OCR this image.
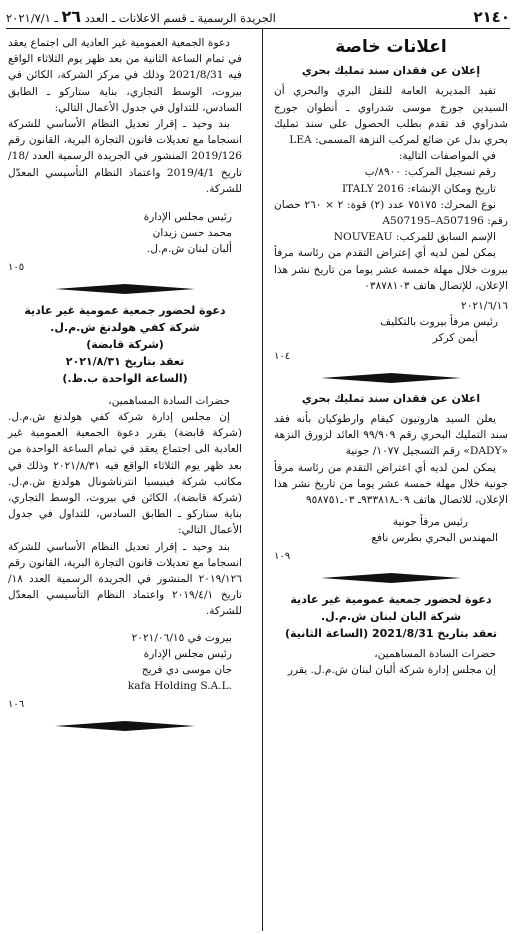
٢١٤٠
الجريدة الرسمية ـ قسم الاعلانات ـ العدد ٢٦ ـ ٢٠٢١/٧/١
اعلانات خاصة
إعلان عن فقدان سند تمليك بحري

تفيد المديرية العامة للنقل البري والبحري أن السيدين جورج موسى شدراوي ـ أنطوان جورج شدراوي قد تقدم بطلب الحصول على سند تمليك بحري بدل عن ضائع لمركب النزهة المسمى: LEA

في المواصفات التالية:

رقم تسجيل المركب: ٨٩٠٠/ب

تاريخ ومكان الإنشاء: ITALY 2016

نوع المحرك: ٧٥١٧٥ عدد (٢) قوة: ٢ × ٢٦٠ حصان رقم: A507195–A507196

الإسم السابق للمركب: NOUVEAU

يمكن لمن لديه أي إعتراض التقدم من رئاسة مرفأ بيروت خلال مهلة خمسة عشر يوما من تاريخ نشر هذا الإعلان، للإتصال هاتف ٠٣٨٧٨١٠٣

٢٠٢١/٦/١٦

رئيس مرفأ بيروت بالتكليف

أيمن كركر

١٠٤
اعلان عن فقدان سند تمليك بحري

يعلن السيد هاروتيون كيفام وارطوكيان بأنه فقد سند التمليك البحري رقم ٩٩/٩٠٩ العائد لزورق النزهة «DADY» رقم التسجيل ١٠٧٧/ جونية

يمكن لمن لديه أي اعتراض التقدم من رئاسة مرفأ جونية خلال مهلة خمسة عشر يوما من تاريخ نشر هذا الإعلان، للاتصال هاتف ٠٩ـ٩٣٣٨١٨ـ ٠٣ـ٩٥٨٧٥١

رئيس مرفأ جونية

المهندس البحري بطرس نافع

١٠٩
دعوة لحضور جمعية عمومية غير عادية
شركة البان لبنان ش.م.ل.
تعقد بتاريخ 2021/8/31 (الساعة الثانية)

حضرات السادة المساهمين،

إن مجلس إدارة شركة ألبان لبنان ش.م.ل. يقرر

دعوة الجمعية العمومية غير العادية الى اجتماع يعقد في تمام الساعة الثانية من بعد ظهر يوم الثلاثاء الواقع فيه 2021/8/31 وذلك في مركز الشركة، الكائن في بيروت، الوسط التجاري، بناية ستاركو ـ الطابق السادس، للتداول في جدول الأعمال التالي:

بند وحيد ـ إقرار تعديل النظام الأساسي للشركة انسجاما مع تعديلات قانون التجارة البرية، القانون رقم 2019/126 المنشور في الجريدة الرسمية العدد /18/ تاريخ 2019/4/1 واعتماد النظام التأسيسي المعدّل للشركة.

رئيس مجلس الإدارة

محمد حسن زيدان

ألبان لبنان ش.م.ل.

١٠٥
دعوة لحضور جمعية عمومية غير عادية
شركة كفي هولدنغ ش.م.ل.
(شركة قابضة)
تعقد بتاريخ ٢٠٢١/٨/٣١
(الساعة الواحدة ب.ظ.)

حضرات السادة المساهمين،

إن مجلس إدارة شركة كفي هولدنغ ش.م.ل. (شركة قابضة) يقرر دعوة الجمعية العمومية غير العادية الى اجتماع يعقد في تمام الساعة الواحدة من بعد ظهر يوم الثلاثاء الواقع فيه ٢٠٢١/٨/٣١ وذلك في مكاتب شركة فينيسيا انترناشونال هولدنغ ش.م.ل. (شركة قابضة)، الكائن في بيروت، الوسط التجاري، بناية ستاركو ـ الطابق السادس، للتداول في جدول الأعمال التالي:

بند وحيد ـ إقرار تعديل النظام الأساسي للشركة انسجاما مع تعديلات قانون التجارة البرية، القانون رقم ٢٠١٩/١٢٦ المنشور في الجريدة الرسمية العدد ١٨/ تاريخ ٢٠١٩/٤/١ واعتماد النظام التأسيسي المعدّل للشركة.

بيروت في ٢٠٢١/٠٦/١٥

رئيس مجلس الإدارة

جان موسى دي فريج

kafa Holding S.A.L.

١٠٦
